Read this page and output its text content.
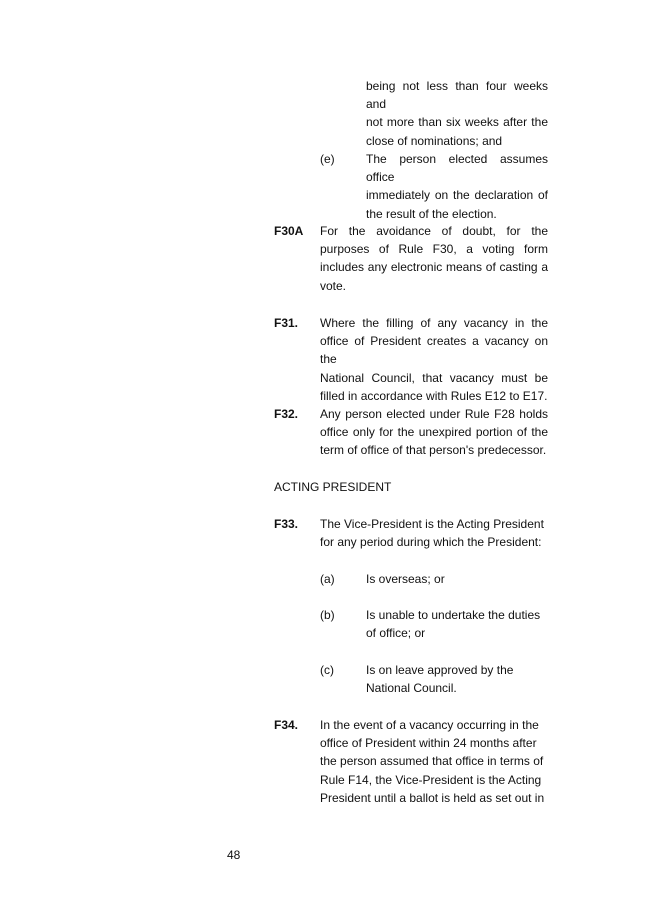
being not less than four weeks and
not more than six weeks after the
close of nominations; and
(e)	The person elected assumes office
immediately on the declaration of
the result of the election.
F30A For the avoidance of doubt, for the
purposes of Rule F30, a voting form
includes any electronic means of casting a
vote.
F31. Where the filling of any vacancy in the
office of President creates a vacancy on the
National Council, that vacancy must be
filled in accordance with Rules E12 to E17.
F32. Any person elected under Rule F28 holds
office only for the unexpired portion of the
term of office of that person's predecessor.
ACTING PRESIDENT
F33. The Vice-President is the Acting President
for any period during which the President:
(a)	Is overseas; or
(b)	Is unable to undertake the duties
of office; or
(c)	Is on leave approved by the
National Council.
F34. In the event of a vacancy occurring in the
office of President within 24 months after
the person assumed that office in terms of
Rule F14, the Vice-President is the Acting
President until a ballot is held as set out in
48
